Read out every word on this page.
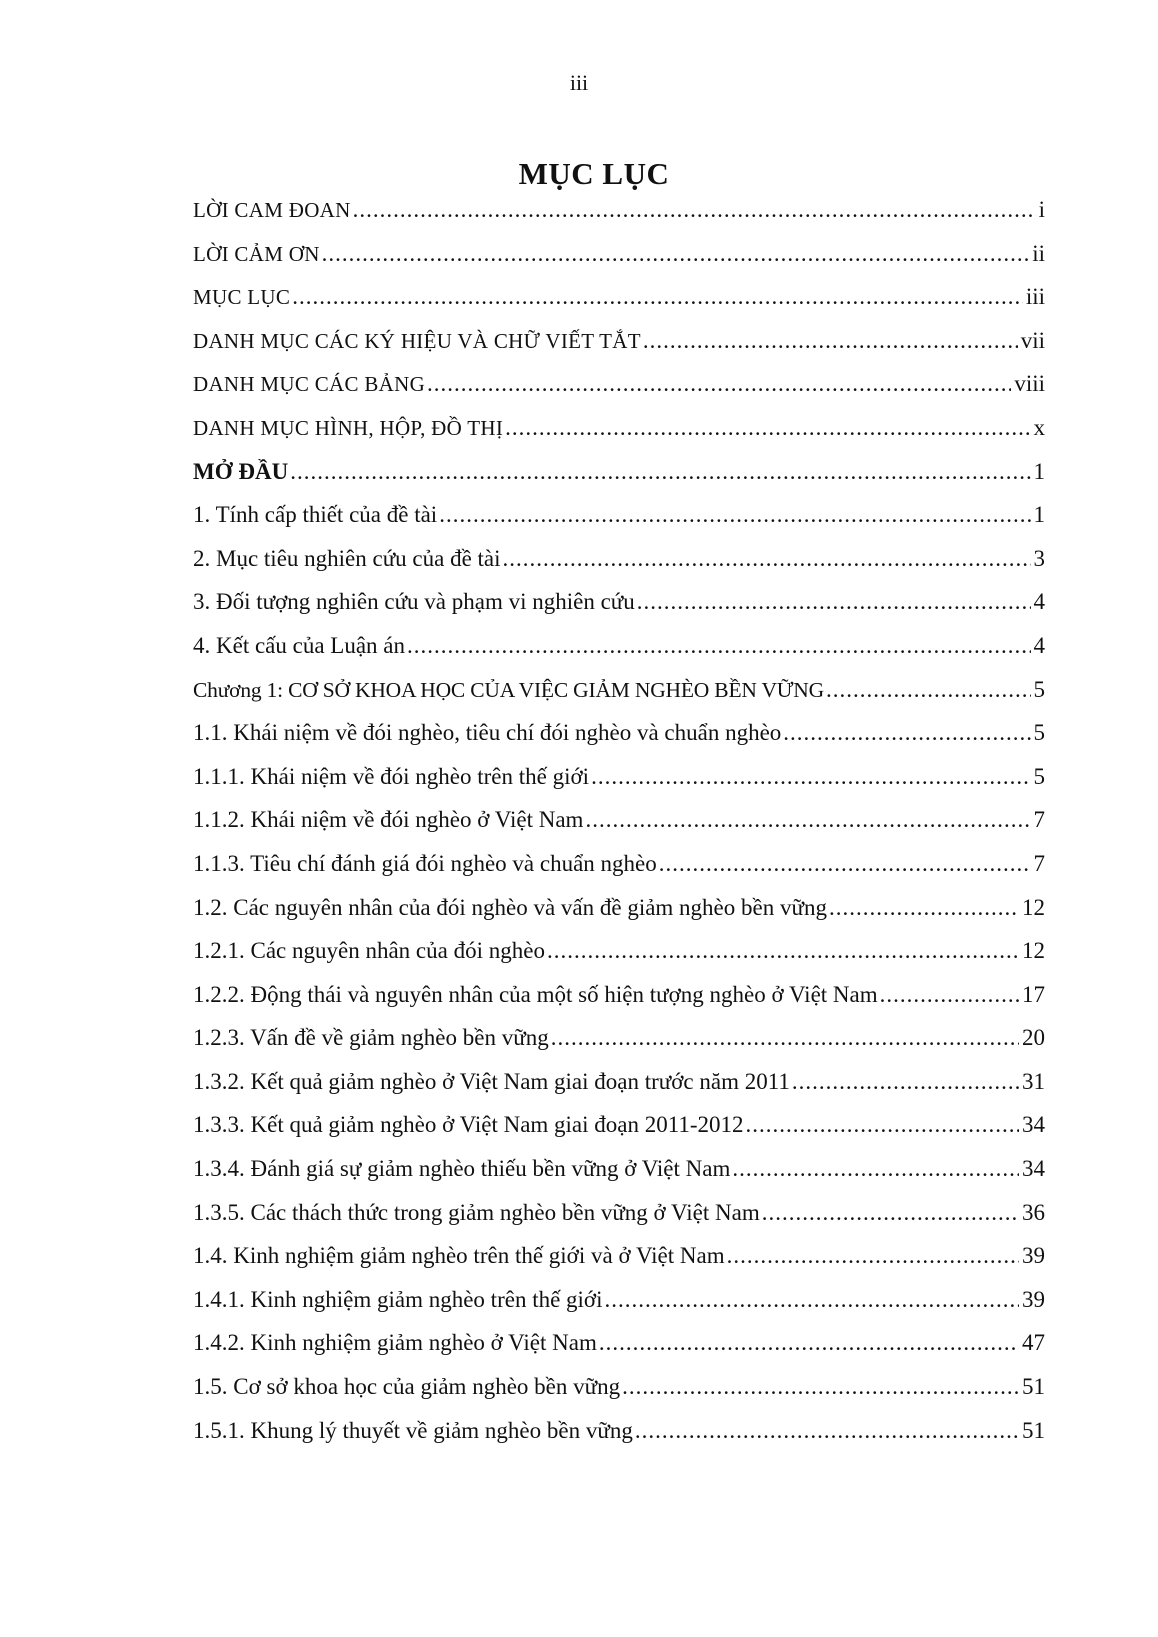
iii
MỤC LỤC
LỜI CAM ĐOAN .....	i
LỜI CẢM ƠN .....	ii
MỤC LỤC .....	iii
DANH MỤC CÁC KÝ HIỆU VÀ CHỮ VIẾT TẮT .....	vii
DANH MỤC CÁC BẢNG .....	viii
DANH MỤC HÌNH, HỘP, ĐỒ THỊ .....	x
MỞ ĐẦU .....	1
1. Tính cấp thiết của đề tài .....	1
2. Mục tiêu nghiên cứu của đề tài .....	3
3. Đối tượng nghiên cứu và phạm vi nghiên cứu .....	4
4. Kết cấu của Luận án .....	4
Chương 1: CƠ SỞ KHOA HỌC CỦA VIỆC GIẢM NGHÈO BỀN VỮNG .....	5
1.1. Khái niệm về đói nghèo, tiêu chí đói nghèo và chuẩn nghèo .....	5
1.1.1. Khái niệm về đói nghèo trên thế giới .....	5
1.1.2. Khái niệm về đói nghèo ở Việt Nam .....	7
1.1.3. Tiêu chí đánh giá đói nghèo và chuẩn nghèo .....	7
1.2. Các nguyên nhân của đói nghèo và vấn đề giảm nghèo bền vững .....	12
1.2.1. Các nguyên nhân của đói nghèo .....	12
1.2.2. Động thái và nguyên nhân của một số hiện tượng nghèo ở Việt Nam .....	17
1.2.3. Vấn đề về giảm nghèo bền vững .....	20
1.3.2. Kết quả giảm nghèo ở Việt Nam giai đoạn trước năm 2011 .....	31
1.3.3. Kết quả giảm nghèo ở Việt Nam giai đoạn 2011-2012 .....	34
1.3.4. Đánh giá sự giảm nghèo thiếu bền vững ở Việt Nam .....	34
1.3.5. Các thách thức trong giảm nghèo bền vững ở Việt Nam .....	36
1.4. Kinh nghiệm giảm nghèo trên thế giới và ở Việt Nam .....	39
1.4.1. Kinh nghiệm giảm nghèo trên thế giới .....	39
1.4.2. Kinh nghiệm giảm nghèo ở Việt Nam .....	47
1.5. Cơ sở khoa học của giảm nghèo bền vững .....	51
1.5.1. Khung lý thuyết về giảm nghèo bền vững .....	51
